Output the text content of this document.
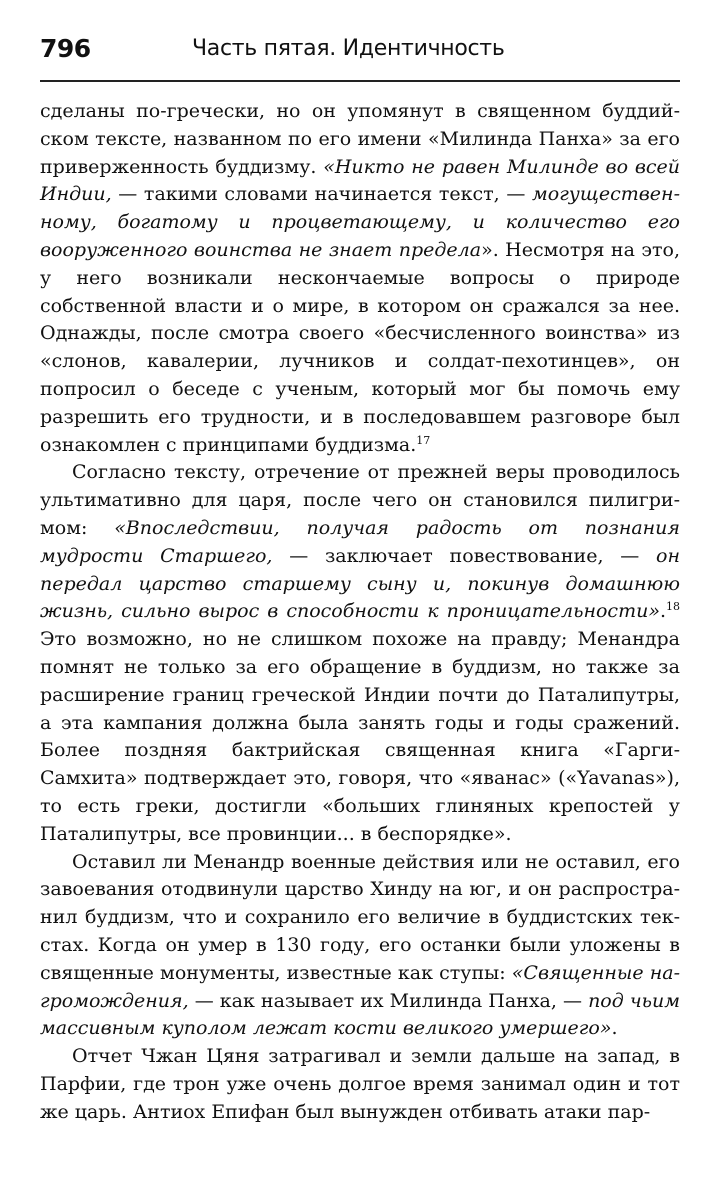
796	Часть пятая. Идентичность

сделаны по-гречески, но он упомянут в священном буддийском тексте, названном по его имени «Милинда Панха» за его приверженность буддизму. «Никто не равен Милинде во всей Индии, — такими словами начинается текст, — могущественному, богатому и процветающему, и количество его вооруженного воинства не знает предела». Несмотря на это, у него возникали нескончаемые вопросы о природе собственной власти и о мире, в котором он сражался за нее. Однажды, после смотра своего «бесчисленного воинства» из «слонов, кавалерии, лучников и солдат-пехотинцев», он попросил о беседе с ученым, который мог бы помочь ему разрешить его трудности, и в последовавшем разговоре был ознакомлен с принципами буддизма.$^{17}$

Согласно тексту, отречение от прежней веры проводилось ультимативно для царя, после чего он становился пилигримом: «Впоследствии, получая радость от познания мудрости Старшего, — заключает повествование, — он передал царство старшему сыну и, покинув домашнюю жизнь, сильно вырос в способности к проницательности».$^{18}$ Это возможно, но не слишком похоже на правду; Менандра помнят не только за его обращение в буддизм, но также за расширение границ греческой Индии почти до Паталипутры, а эта кампания должна была занять годы и годы сражений. Более поздняя бактрийская священная книга «Гарги-Самхита» подтверждает это, говоря, что «яванас» («Yavanas»), то есть греки, достигли «больших глиняных крепостей у Паталипутры, все провинции... в беспорядке».

Оставил ли Менандр военные действия или не оставил, его завоевания отодвинули царство Хинду на юг, и он распространил буддизм, что и сохранило его величие в буддистских текстах. Когда он умер в 130 году, его останки были уложены в священные монументы, известные как ступы: «Священные нагромождения, — как называет их Милинда Панха, — под чьим массивным куполом лежат кости великого умершего».

Отчет Чжан Цяня затрагивал и земли дальше на запад, в Парфии, где трон уже очень долгое время занимал один и тот же царь. Антиох Епифан был вынужден отбивать атаки пар-
